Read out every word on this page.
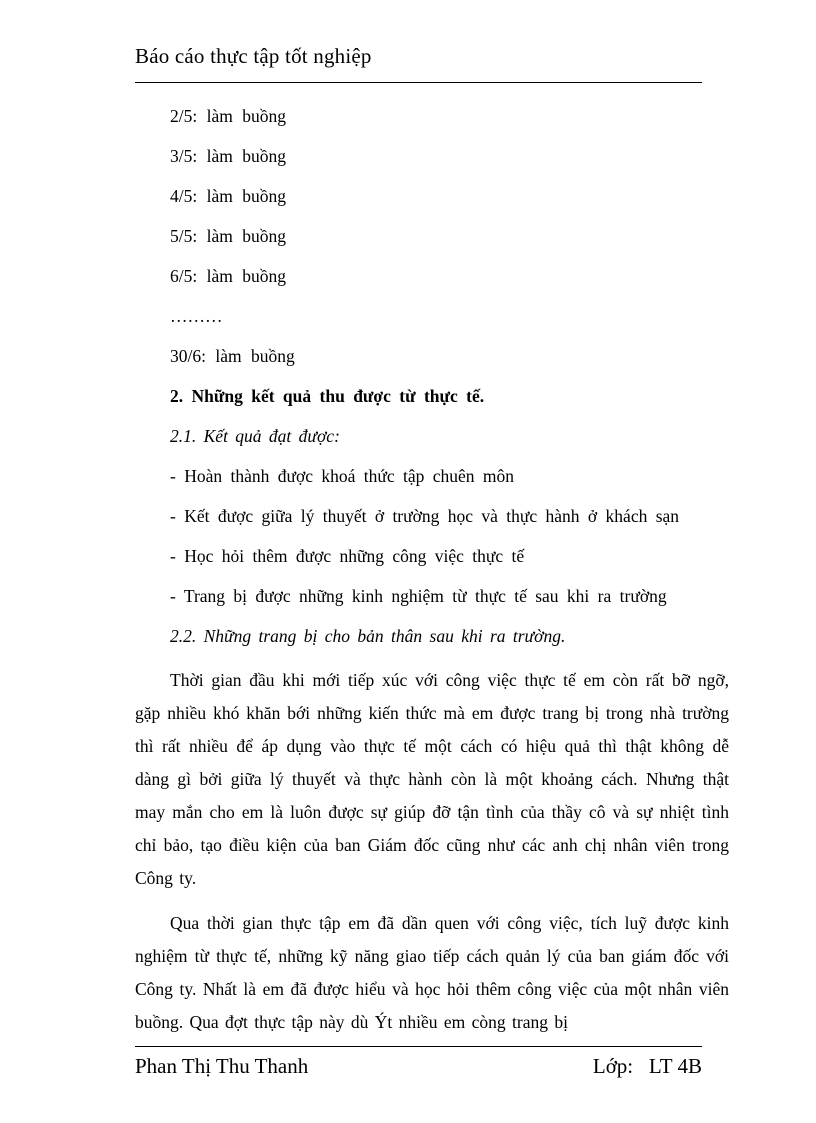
Báo cáo thực tập tốt nghiệp
2/5: làm buồng
3/5: làm buồng
4/5: làm buồng
5/5: làm buồng
6/5: làm buồng
………
30/6: làm buồng
2. Những kết quả thu được từ thực tế.
2.1. Kết quả đạt được:
- Hoàn thành được khoá thức tập chuên môn
- Kết được giữa lý thuyết ở trường học và thực hành ở khách sạn
- Học hỏi thêm được những công việc thực tế
- Trang bị được những kinh nghiệm từ thực tế sau khi ra trường
2.2. Những trang bị cho bản thân sau khi ra trường.

Thời gian đầu khi mới tiếp xúc với công việc thực tế em còn rất bỡ ngỡ, gặp nhiều khó khăn bới những kiến thức mà em được trang bị trong nhà trường thì rất nhiều để áp dụng vào thực tế một cách có hiệu quả thì thật không dễ dàng gì bởi giữa lý thuyết và thực hành còn là một khoảng cách. Nhưng thật may mắn cho em là luôn được sự giúp đỡ tận tình của thầy cô và sự nhiệt tình chỉ bảo, tạo điều kiện của ban Giám đốc cũng như các anh chị nhân viên trong Công ty.

Qua thời gian thực tập em đã dần quen với công việc, tích luỹ được kinh nghiệm từ thực tế, những kỹ năng giao tiếp cách quản lý của ban giám đốc với Công ty. Nhất là em đã được hiểu và học hỏi thêm công việc của một nhân viên buồng. Qua đợt thực tập này dù Ýt nhiều em còng trang bị

Phan Thị Thu Thanh	Lớp:   LT 4B
